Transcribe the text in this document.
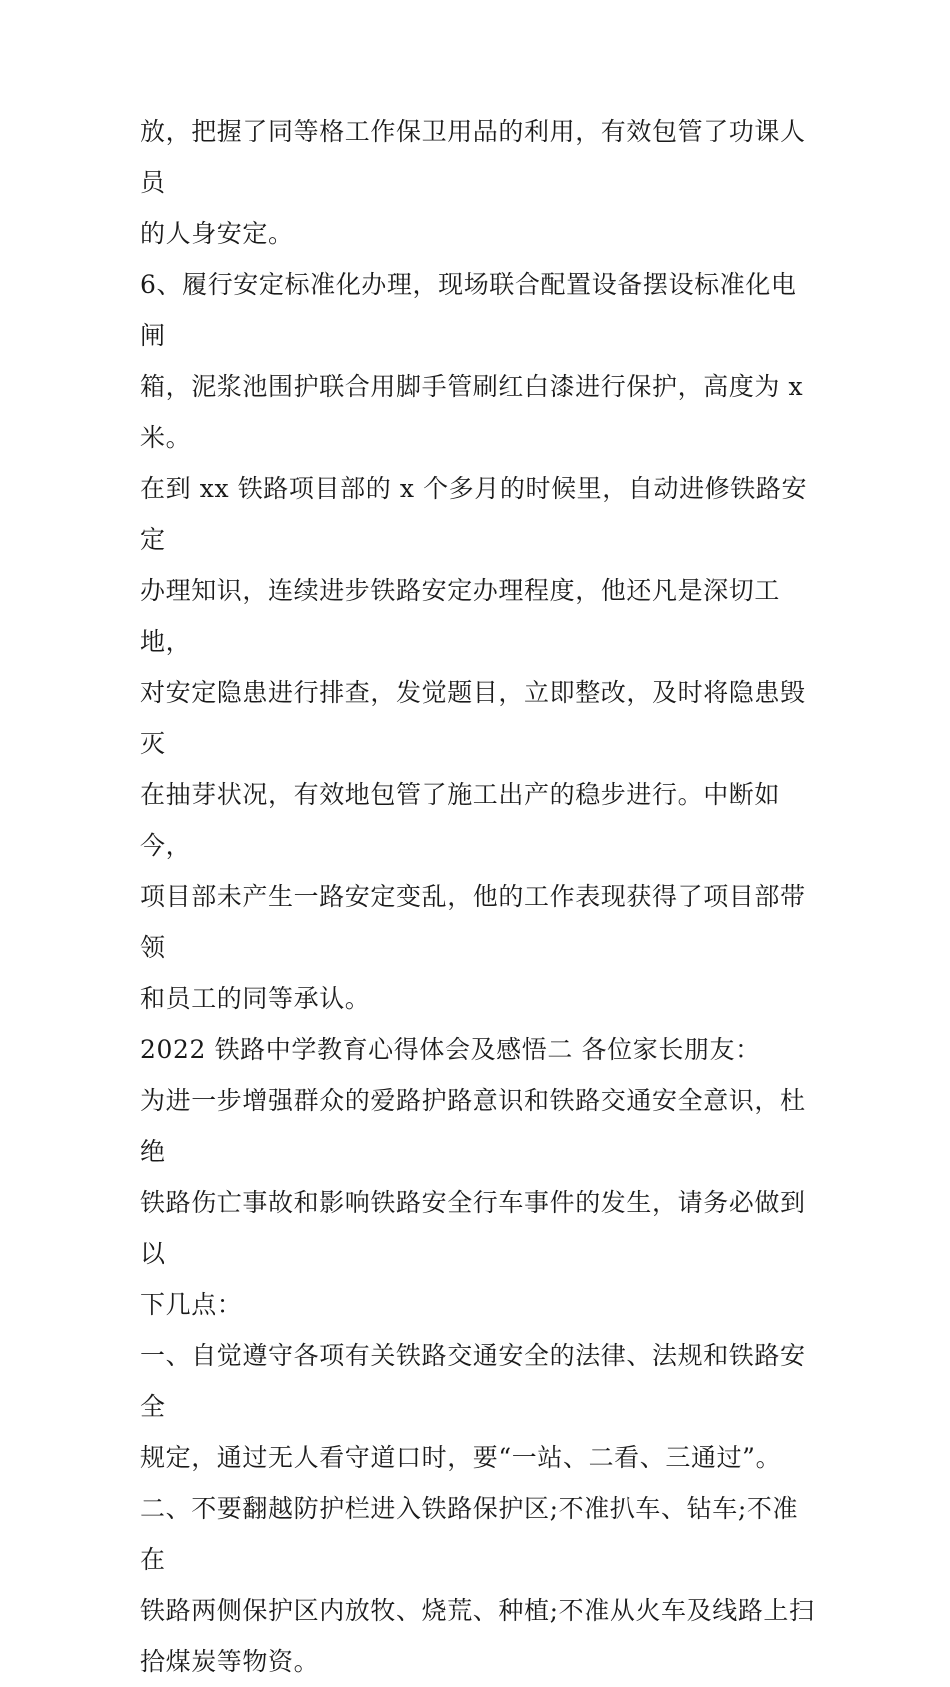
放，把握了同等格工作保卫用品的利用，有效包管了功课人员
的人身安定。

6、履行安定标准化办理，现场联合配置设备摆设标准化电闸
箱，泥浆池围护联合用脚手管刷红白漆进行保护，高度为 x
米。

在到 xx 铁路项目部的 x 个多月的时候里，自动进修铁路安定
办理知识，连续进步铁路安定办理程度，他还凡是深切工地，
对安定隐患进行排查，发觉题目，立即整改，及时将隐患毁灭
在抽芽状况，有效地包管了施工出产的稳步进行。中断如今，
项目部未产生一路安定变乱，他的工作表现获得了项目部带领
和员工的同等承认。

2022 铁路中学教育心得体会及感悟二 各位家长朋友：

为进一步增强群众的爱路护路意识和铁路交通安全意识，杜绝
铁路伤亡事故和影响铁路安全行车事件的发生，请务必做到以
下几点：

一、自觉遵守各项有关铁路交通安全的法律、法规和铁路安全
规定，通过无人看守道口时，要“一站、二看、三通过”。

二、不要翻越防护栏进入铁路保护区;不准扒车、钻车;不准在
铁路两侧保护区内放牧、烧荒、种植;不准从火车及线路上扫
拾煤炭等物资。
